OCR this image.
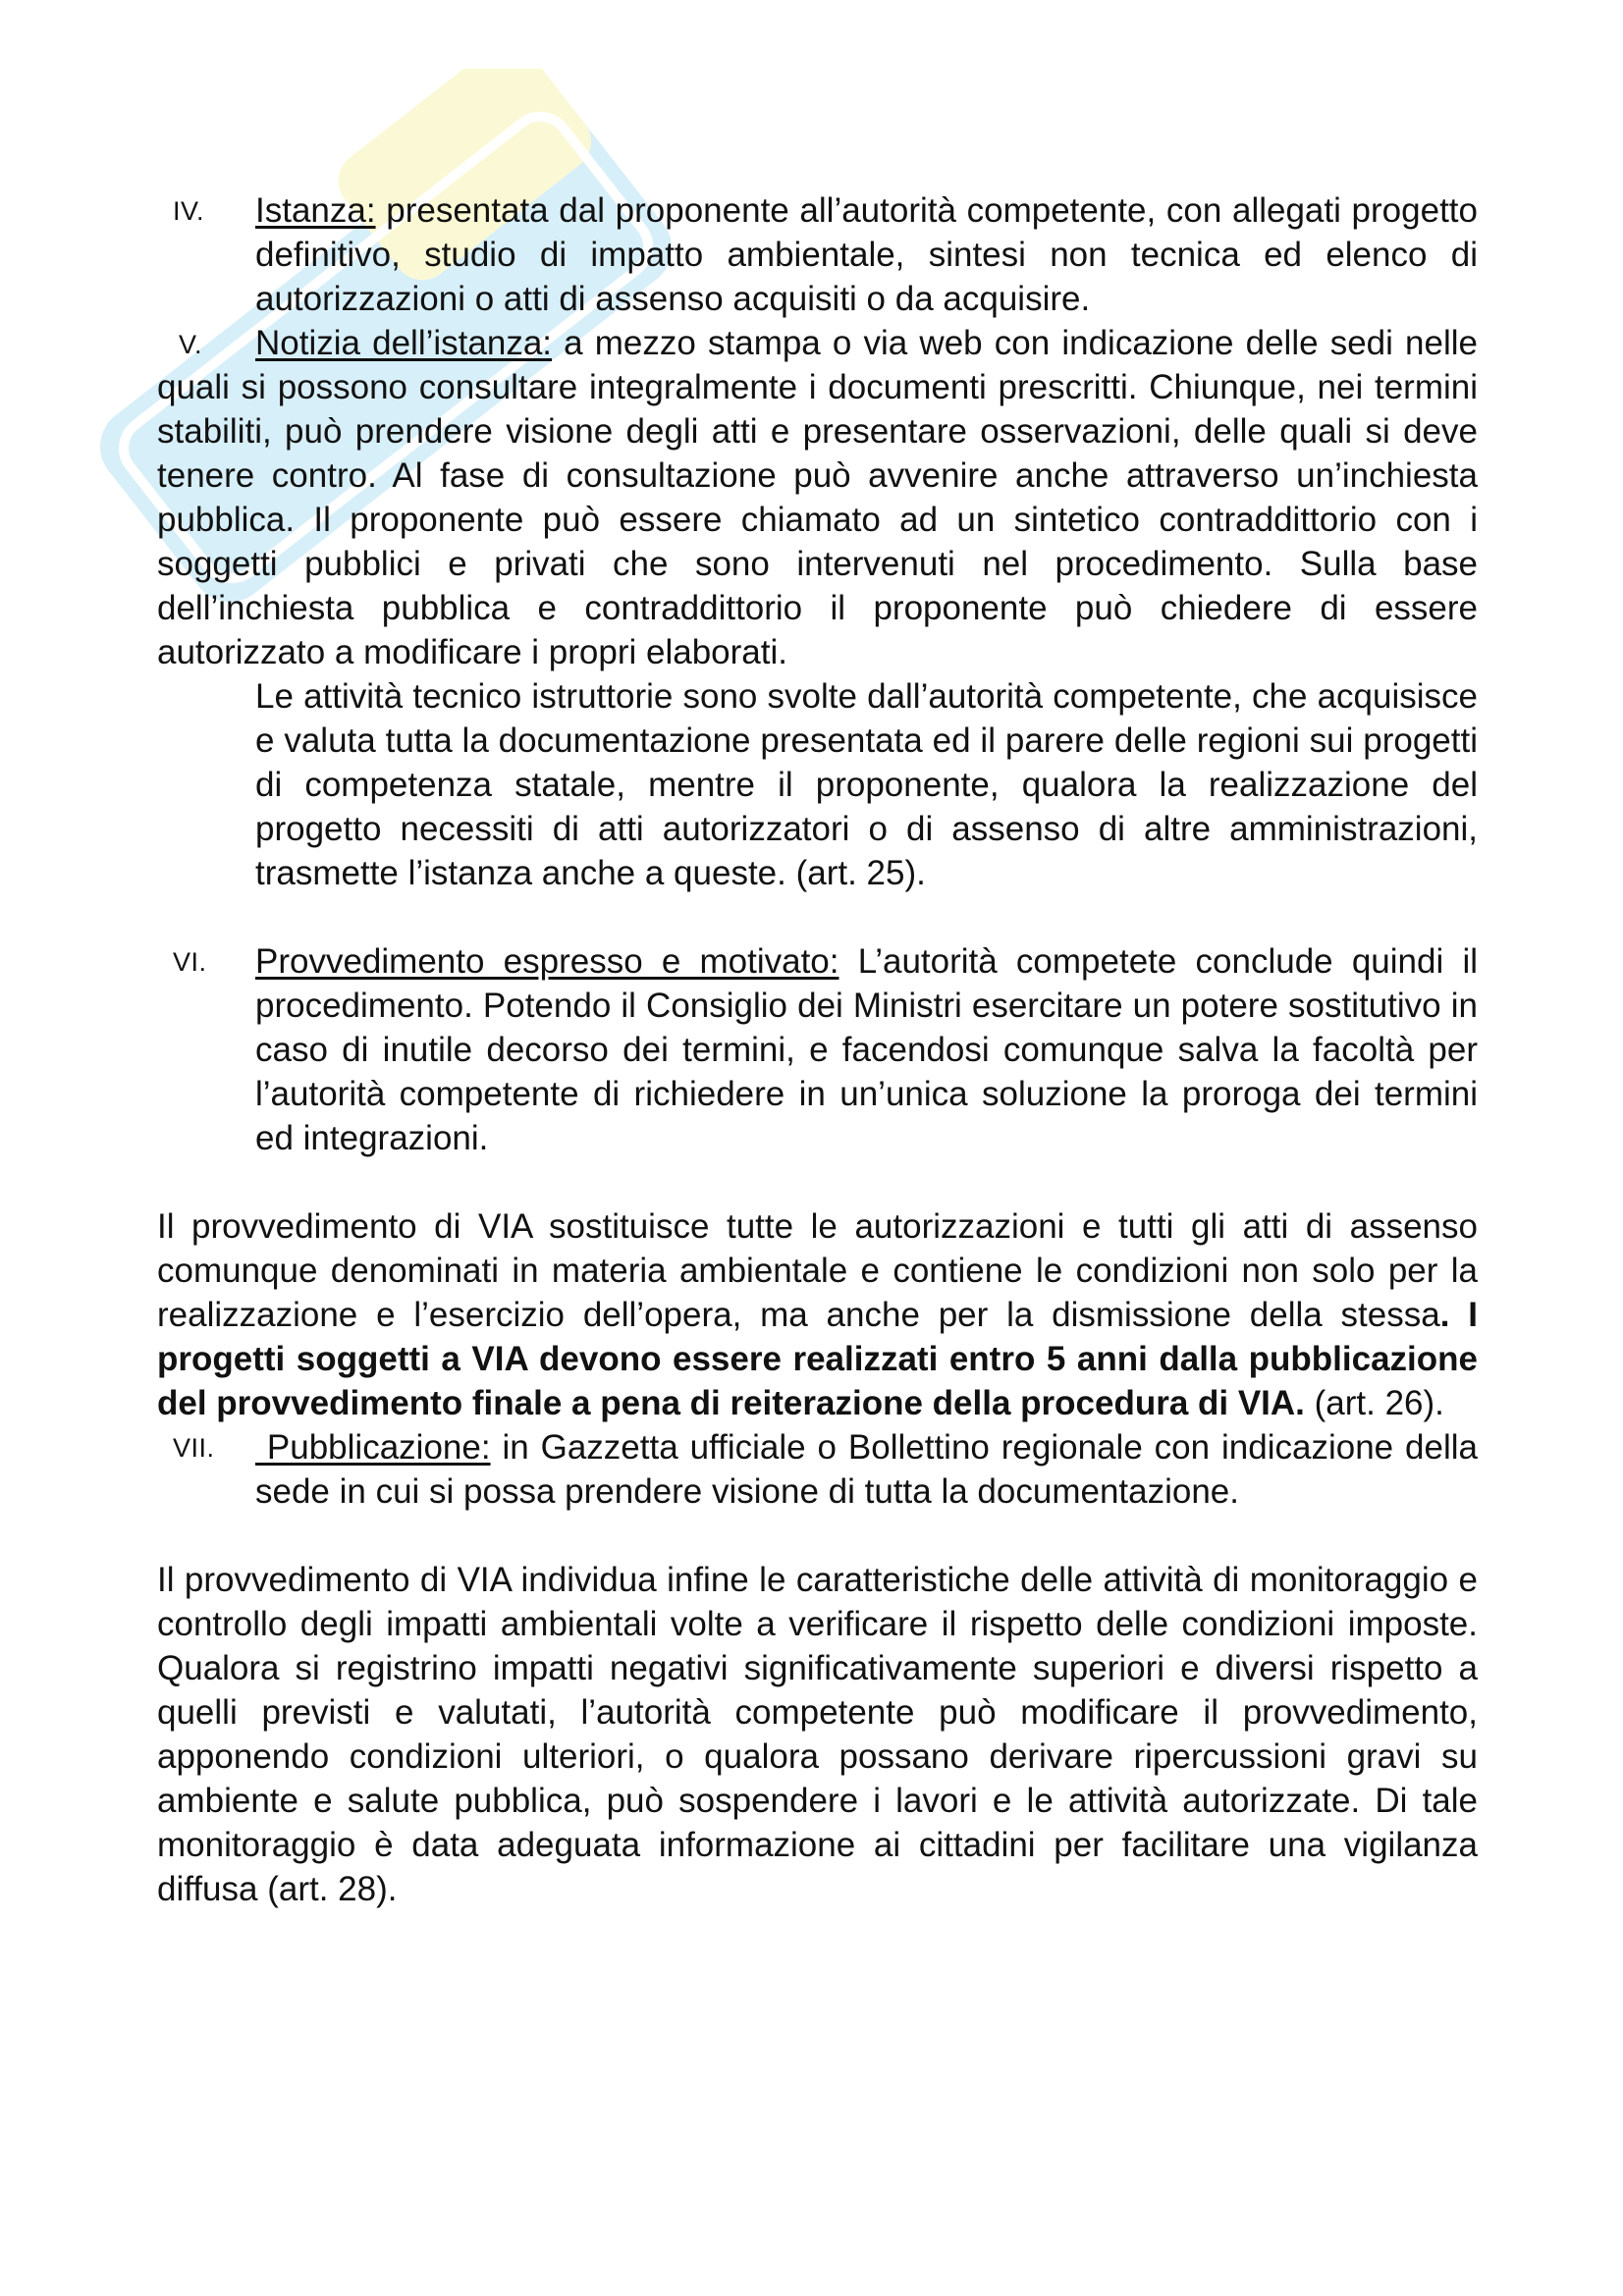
IV. Istanza: presentata dal proponente all’autorità competente, con allegati progetto definitivo, studio di impatto ambientale, sintesi non tecnica ed elenco di autorizzazioni o atti di assenso acquisiti o da acquisire.
V. Notizia dell’istanza: a mezzo stampa o via web con indicazione delle sedi nelle quali si possono consultare integralmente i documenti prescritti. Chiunque, nei termini stabiliti, può prendere visione degli atti e presentare osservazioni, delle quali si deve tenere contro. Al fase di consultazione può avvenire anche attraverso un’inchiesta pubblica. Il proponente può essere chiamato ad un sintetico contraddittorio con i soggetti pubblici e privati che sono intervenuti nel procedimento. Sulla base dell’inchiesta pubblica e contraddittorio il proponente può chiedere di essere autorizzato a modificare i propri elaborati.
Le attività tecnico istruttorie sono svolte dall’autorità competente, che acquisisce e valuta tutta la documentazione presentata ed il parere delle regioni sui progetti di competenza statale, mentre il proponente, qualora la realizzazione del progetto necessiti di atti autorizzatori o di assenso di altre amministrazioni, trasmette l’istanza anche a queste. (art. 25).
VI. Provvedimento espresso e motivato: L’autorità competete conclude quindi il procedimento. Potendo il Consiglio dei Ministri esercitare un potere sostitutivo in caso di inutile decorso dei termini, e facendosi comunque salva la facoltà per l’autorità competente di richiedere in un’unica soluzione la proroga dei termini ed integrazioni.

Il provvedimento di VIA sostituisce tutte le autorizzazioni e tutti gli atti di assenso comunque denominati in materia ambientale e contiene le condizioni non solo per la realizzazione e l’esercizio dell’opera, ma anche per la dismissione della stessa. I progetti soggetti a VIA devono essere realizzati entro 5 anni dalla pubblicazione del provvedimento finale a pena di reiterazione della procedura di VIA. (art. 26).

VII. Pubblicazione: in Gazzetta ufficiale o Bollettino regionale con indicazione della sede in cui si possa prendere visione di tutta la documentazione.

Il provvedimento di VIA individua infine le caratteristiche delle attività di monitoraggio e controllo degli impatti ambientali volte a verificare il rispetto delle condizioni imposte. Qualora si registrino impatti negativi significativamente superiori e diversi rispetto a quelli previsti e valutati, l’autorità competente può modificare il provvedimento, apponendo condizioni ulteriori, o qualora possano derivare ripercussioni gravi su ambiente e salute pubblica, può sospendere i lavori e le attività autorizzate. Di tale monitoraggio è data adeguata informazione ai cittadini per facilitare una vigilanza diffusa (art. 28).
